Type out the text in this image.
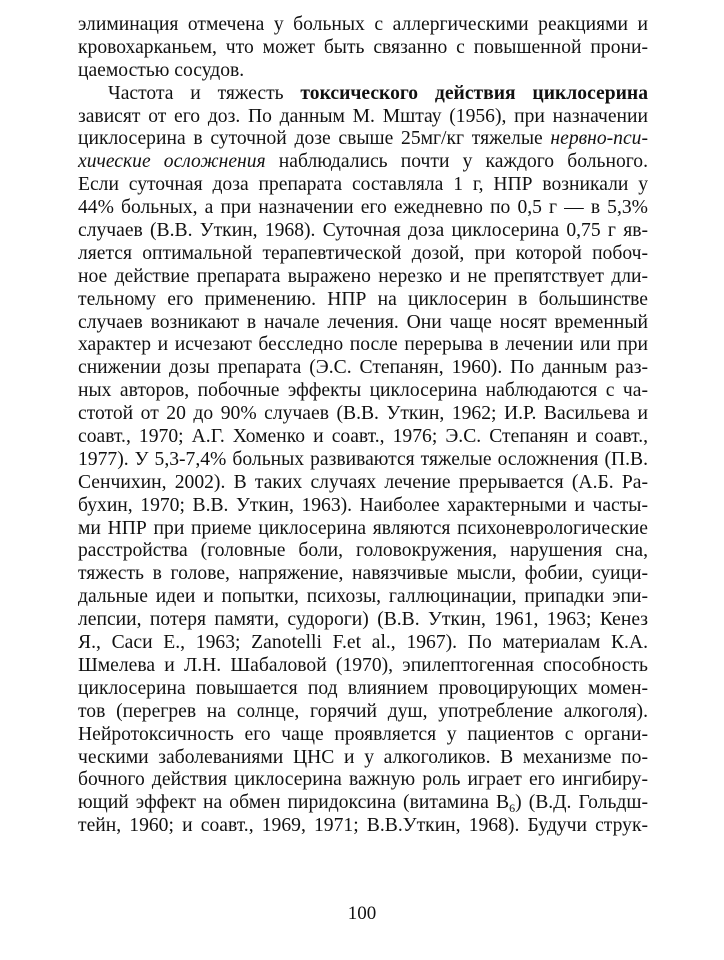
элиминация отмечена у больных с аллергическими реакциями и
кровохарканьем, что может быть связанно с повышенной прони-
цаемостью сосудов.
Частота и тяжесть токсического действия циклосерина
зависят от его доз. По данным М. Мштау (1956), при назначении
циклосерина в суточной дозе свыше 25мг/кг тяжелые нервно-пси-
хические осложнения наблюдались почти у каждого больного.
Если суточная доза препарата составляла 1 г, НПР возникали у
44% больных, а при назначении его ежедневно по 0,5 г — в 5,3%
случаев (В.В. Уткин, 1968). Суточная доза циклосерина 0,75 г яв-
ляется оптимальной терапевтической дозой, при которой побоч-
ное действие препарата выражено нерезко и не препятствует дли-
тельному его применению. НПР на циклосерин в большинстве
случаев возникают в начале лечения. Они чаще носят временный
характер и исчезают бесследно после перерыва в лечении или при
снижении дозы препарата (Э.С. Степанян, 1960). По данным раз-
ных авторов, побочные эффекты циклосерина наблюдаются с ча-
стотой от 20 до 90% случаев (В.В. Уткин, 1962; И.Р. Васильева и
соавт., 1970; А.Г. Хоменко и соавт., 1976; Э.С. Степанян и соавт.,
1977). У 5,3-7,4% больных развиваются тяжелые осложнения (П.В.
Сенчихин, 2002). В таких случаях лечение прерывается (А.Б. Ра-
бухин, 1970; В.В. Уткин, 1963). Наиболее характерными и часты-
ми НПР при приеме циклосерина являются психоневрологические
расстройства (головные боли, головокружения, нарушения сна,
тяжесть в голове, напряжение, навязчивые мысли, фобии, суици-
дальные идеи и попытки, психозы, галлюцинации, припадки эпи-
лепсии, потеря памяти, судороги) (В.В. Уткин, 1961, 1963; Кенез
Я., Саси Е., 1963; Zanotelli F.et al., 1967). По материалам К.А.
Шмелева и Л.Н. Шабаловой (1970), эпилептогенная способность
циклосерина повышается под влиянием провоцирующих момен-
тов (перегрев на солнце, горячий душ, употребление алкоголя).
Нейротоксичность его чаще проявляется у пациентов с органи-
ческими заболеваниями ЦНС и у алкоголиков. В механизме по-
бочного действия циклосерина важную роль играет его ингибиру-
ющий эффект на обмен пиридоксина (витамина $В_6$) (В.Д. Гольдш-
тейн, 1960; и соавт., 1969, 1971; В.В.Уткин, 1968). Будучи струк-
100
